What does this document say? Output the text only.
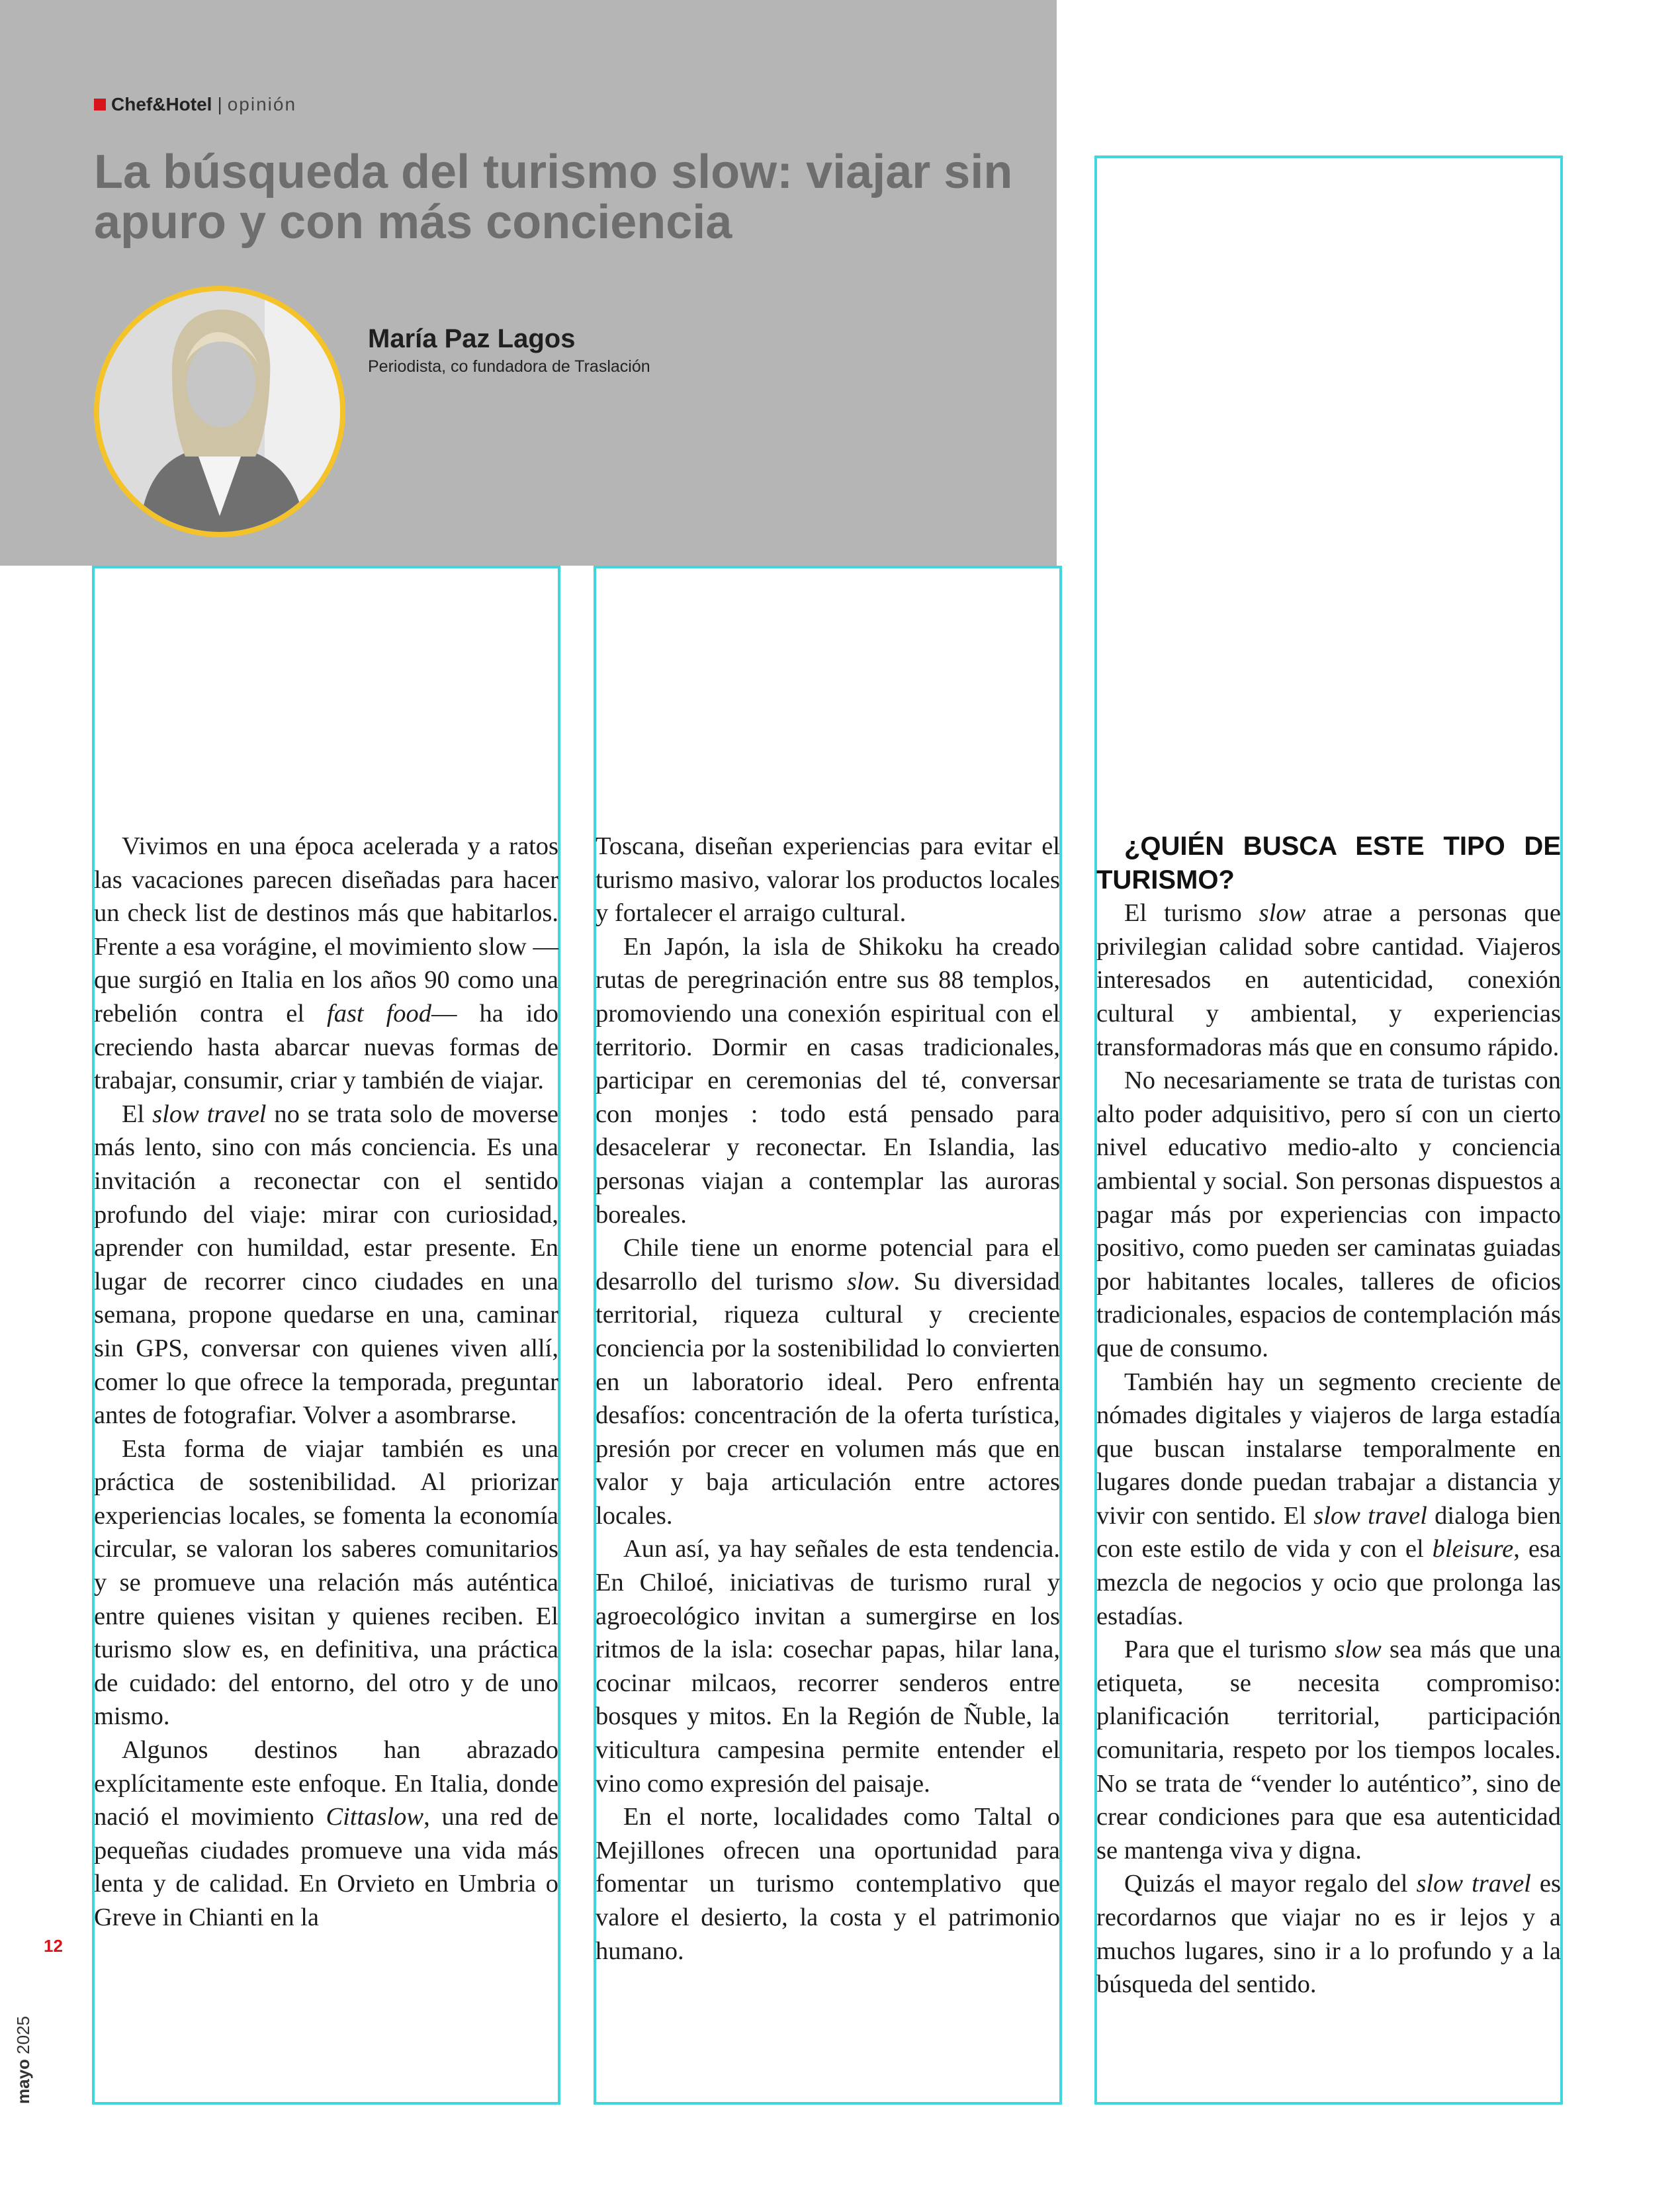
Chef&Hotel | opinión
La búsqueda del turismo slow: viajar sin apuro y con más conciencia
María Paz Lagos
Periodista, co fundadora de Traslación

Vivimos en una época acelerada y a ratos las vacaciones parecen diseñadas para hacer un check list de destinos más que habitarlos. Frente a esa vorágine, el movimiento slow —que surgió en Italia en los años 90 como una rebelión contra el fast food— ha ido creciendo hasta abarcar nuevas formas de trabajar, consumir, criar y también de viajar.

El slow travel no se trata solo de moverse más lento, sino con más conciencia. Es una invitación a reconectar con el sentido profundo del viaje: mirar con curiosidad, aprender con humildad, estar presente. En lugar de recorrer cinco ciudades en una semana, propone quedarse en una, caminar sin GPS, conversar con quienes viven allí, comer lo que ofrece la temporada, preguntar antes de fotografiar. Volver a asombrarse.

Esta forma de viajar también es una práctica de sostenibilidad. Al priorizar experiencias locales, se fomenta la economía circular, se valoran los saberes comunitarios y se promueve una relación más auténtica entre quienes visitan y quienes reciben. El turismo slow es, en definitiva, una práctica de cuidado: del entorno, del otro y de uno mismo.

Algunos destinos han abrazado explícitamente este enfoque. En Italia, donde nació el movimiento Cittaslow, una red de pequeñas ciudades promueve una vida más lenta y de calidad. En Orvieto en Umbria o Greve in Chianti en la

Toscana, diseñan experiencias para evitar el turismo masivo, valorar los productos locales y fortalecer el arraigo cultural.

En Japón, la isla de Shikoku ha creado rutas de peregrinación entre sus 88 templos, promoviendo una conexión espiritual con el territorio. Dormir en casas tradicionales, participar en ceremonias del té, conversar con monjes : todo está pensado para desacelerar y reconectar. En Islandia, las personas viajan a contemplar las auroras boreales.

Chile tiene un enorme potencial para el desarrollo del turismo slow. Su diversidad territorial, riqueza cultural y creciente conciencia por la sostenibilidad lo convierten en un laboratorio ideal. Pero enfrenta desafíos: concentración de la oferta turística, presión por crecer en volumen más que en valor y baja articulación entre actores locales.

Aun así, ya hay señales de esta tendencia. En Chiloé, iniciativas de turismo rural y agroecológico invitan a sumergirse en los ritmos de la isla: cosechar papas, hilar lana, cocinar milcaos, recorrer senderos entre bosques y mitos. En la Región de Ñuble, la viticultura campesina permite entender el vino como expresión del paisaje.

En el norte, localidades como Taltal o Mejillones ofrecen una oportunidad para fomentar un turismo contemplativo que valore el desierto, la costa y el patrimonio humano.

¿QUIÉN BUSCA ESTE TIPO DE TURISMO?

El turismo slow atrae a personas que privilegian calidad sobre cantidad. Viajeros interesados en autenticidad, conexión cultural y ambiental, y experiencias transformadoras más que en consumo rápido.

No necesariamente se trata de turistas con alto poder adquisitivo, pero sí con un cierto nivel educativo medio-alto y conciencia ambiental y social. Son personas dispuestos a pagar más por experiencias con impacto positivo, como pueden ser caminatas guiadas por habitantes locales, talleres de oficios tradicionales, espacios de contemplación más que de consumo.

También hay un segmento creciente de nómades digitales y viajeros de larga estadía que buscan instalarse temporalmente en lugares donde puedan trabajar a distancia y vivir con sentido. El slow travel dialoga bien con este estilo de vida y con el bleisure, esa mezcla de negocios y ocio que prolonga las estadías.

Para que el turismo slow sea más que una etiqueta, se necesita compromiso: planificación territorial, participación comunitaria, respeto por los tiempos locales. No se trata de “vender lo auténtico”, sino de crear condiciones para que esa autenticidad se mantenga viva y digna.

Quizás el mayor regalo del slow travel es recordarnos que viajar no es ir lejos y a muchos lugares, sino ir a lo profundo y a la búsqueda del sentido.

12
mayo 2025
